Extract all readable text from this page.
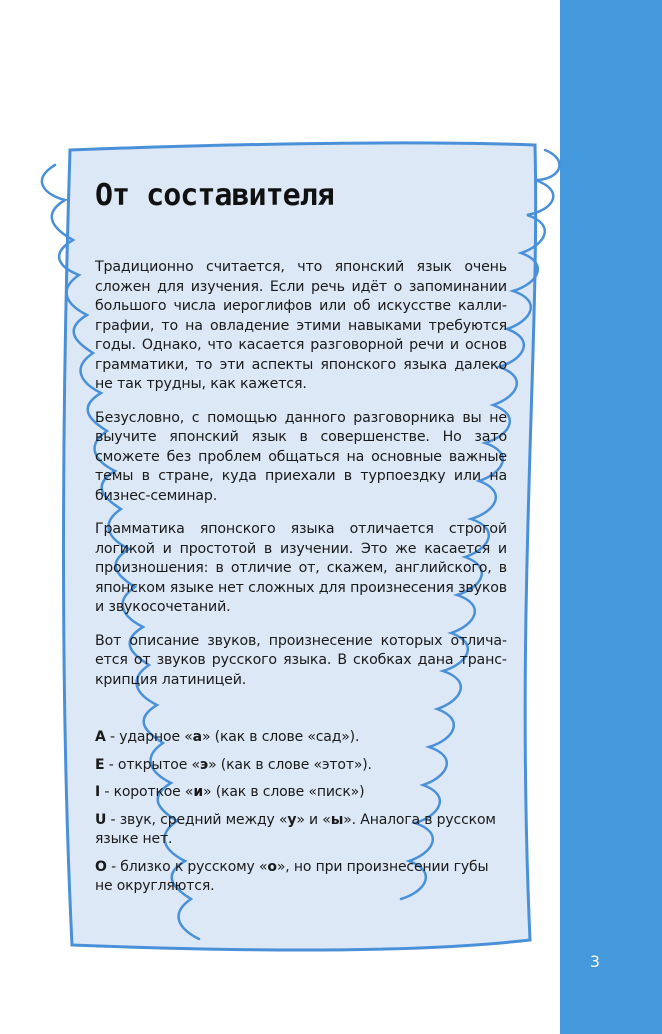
3
От составителя

Традиционно считается, что японский язык очень сложен для изучения. Если речь идёт о запоминании большого числа иероглифов или об искусстве каллиграфии, то на овладение этими навыками требуются годы. Однако, что касается разговорной речи и основ грамматики, то эти аспекты японского языка далеко не так трудны, как кажется.

Безусловно, с помощью данного разговорника вы не выучите японский язык в совершенстве. Но зато сможете без проблем общаться на основные важные темы в стране, куда приехали в турпоездку или на бизнес-семинар.

Грамматика японского языка отличается строгой логикой и простотой в изучении. Это же касается и произношения: в отличие от, скажем, английского, в японском языке нет сложных для произнесения звуков и звукосочетаний.

Вот описание звуков, произнесение которых отличается от звуков русского языка. В скобках дана транскрипция латиницей.

A - ударное «а» (как в слове «сад»).

E - открытое «э» (как в слове «этот»).

I - короткое «и» (как в слове «писк»)

U - звук, средний между «у» и «ы». Аналога в русском языке нет.

O - близко к русскому «о», но при произнесении губы не округляются.
